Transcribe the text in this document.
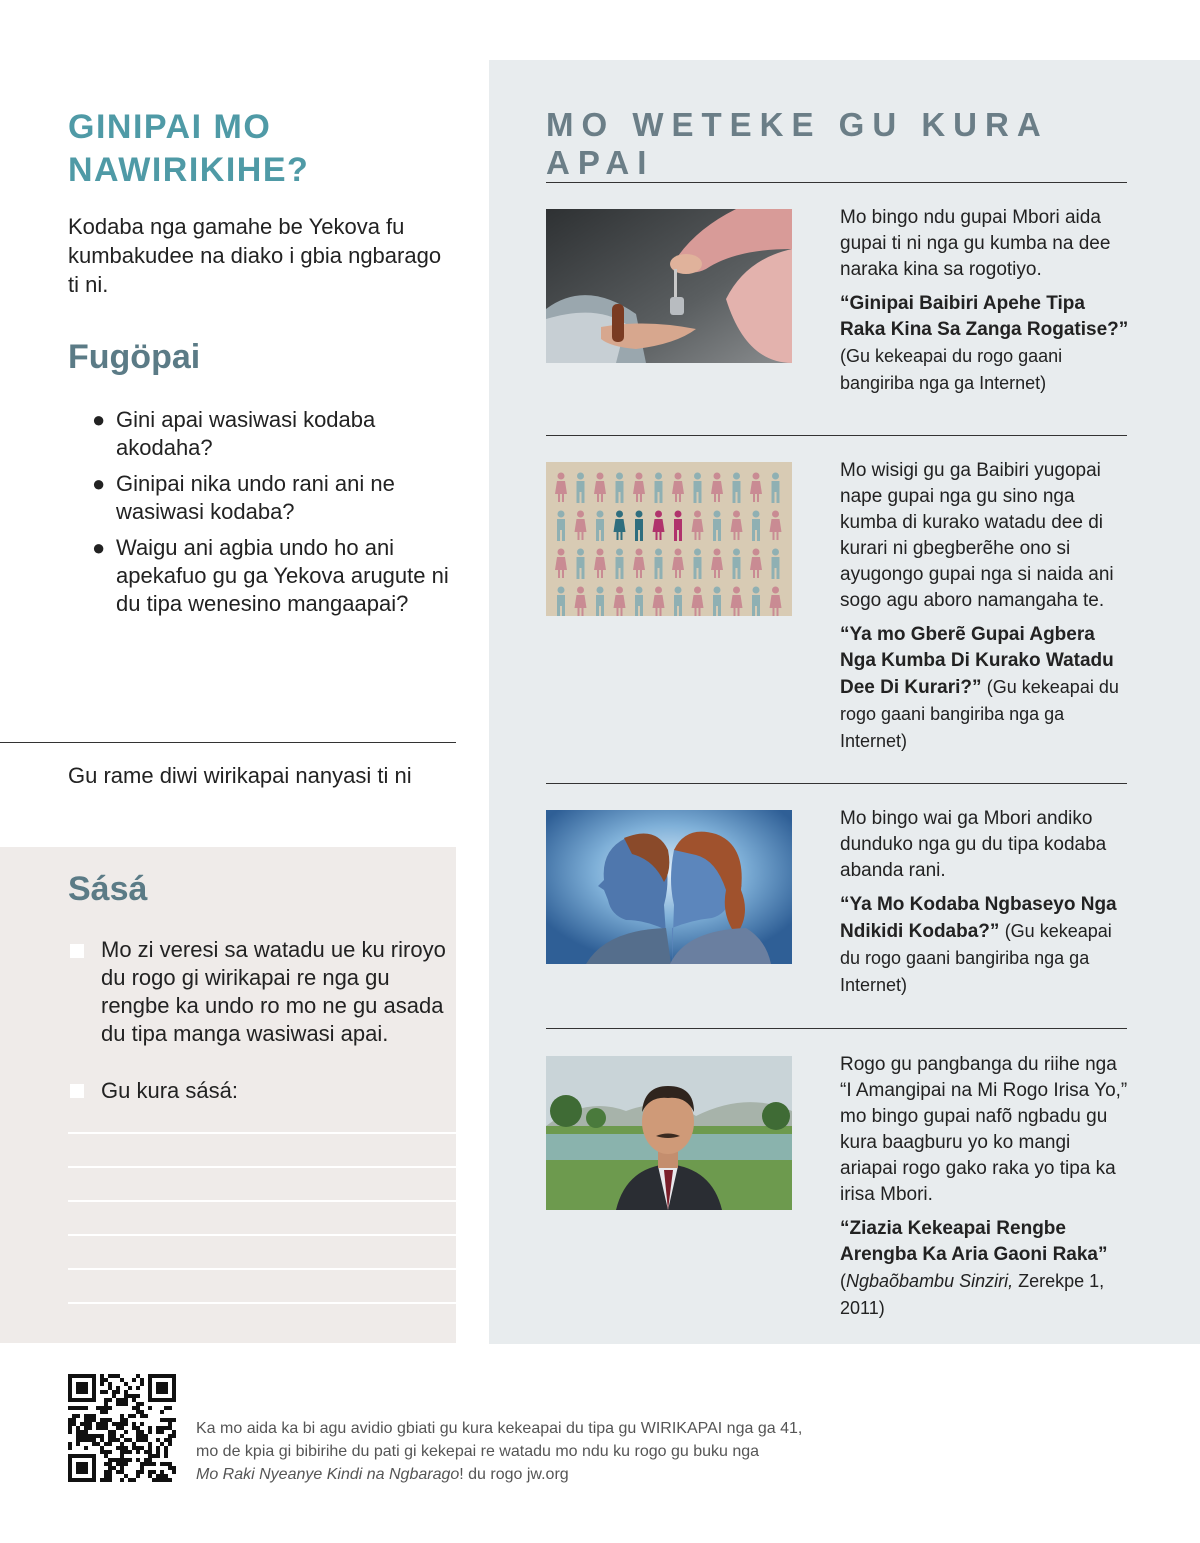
GINIPAI MO NAWIRIKIHE?

Kodaba nga gamahe be Yekova fu kumbakudee na diako i gbia ngbarago ti ni.

Fugöpai
● Gini apai wasiwasi kodaba akodaha?
● Ginipai nika undo rani ani ne wasiwasi kodaba?
● Waigu ani agbia undo ho ani apekafuo gu ga Yekova arugute ni du tipa wenesino mangaapai?

Gu rame diwi wirikapai nanyasi ti ni

Sásá

Mo zi veresi sa watadu ue ku riroyo du rogo gi wirikapai re nga gu rengbe ka undo ro mo ne gu asada du tipa manga wasiwasi apai.

Gu kura sásá:

MO WETEKE GU KURA APAI
Mo bingo ndu gupai Mbori aida gupai ti ni nga gu kumba na dee naraka kina sa rogotiyo.
“Ginipai Baibiri Apehe Tipa Raka Kina Sa Zanga Rogatise?” (Gu kekeapai du rogo gaani bangiriba nga ga Internet)
Mo wisigi gu ga Baibiri yugopai nape gupai nga gu sino nga kumba di kurako watadu dee di kurari ni gbegberẽhe ono si ayugongo gupai nga si naida ani sogo agu aboro namangaha te.
“Ya mo Gberẽ Gupai Agbera Nga Kumba Di Kurako Watadu Dee Di Kurari?” (Gu kekeapai du rogo gaani bangiriba nga ga Internet)
Mo bingo wai ga Mbori andiko dunduko nga gu du tipa kodaba abanda rani.
“Ya Mo Kodaba Ngbaseyo Nga Ndikidi Kodaba?” (Gu kekeapai du rogo gaani bangiriba nga ga Internet)
Rogo gu pangbanga du riihe nga “I Amangipai na Mi Rogo Irisa Yo,” mo bingo gupai nafõ ngbadu gu kura baagburu yo ko mangi ariapai rogo gako raka yo tipa ka irisa Mbori.
“Ziazia Kekeapai Rengbe Arengba Ka Aria Gaoni Raka” (Ngbaõbambu Sinziri, Zerekpe 1, 2011)
Ka mo aida ka bi agu avidio gbiati gu kura kekeapai du tipa gu WIRIKAPAI nga ga 41,
mo de kpia gi bibirihe du pati gi kekepai re watadu mo ndu ku rogo gu buku nga
Mo Raki Nyeanye Kindi na Ngbarago! du rogo jw.org
